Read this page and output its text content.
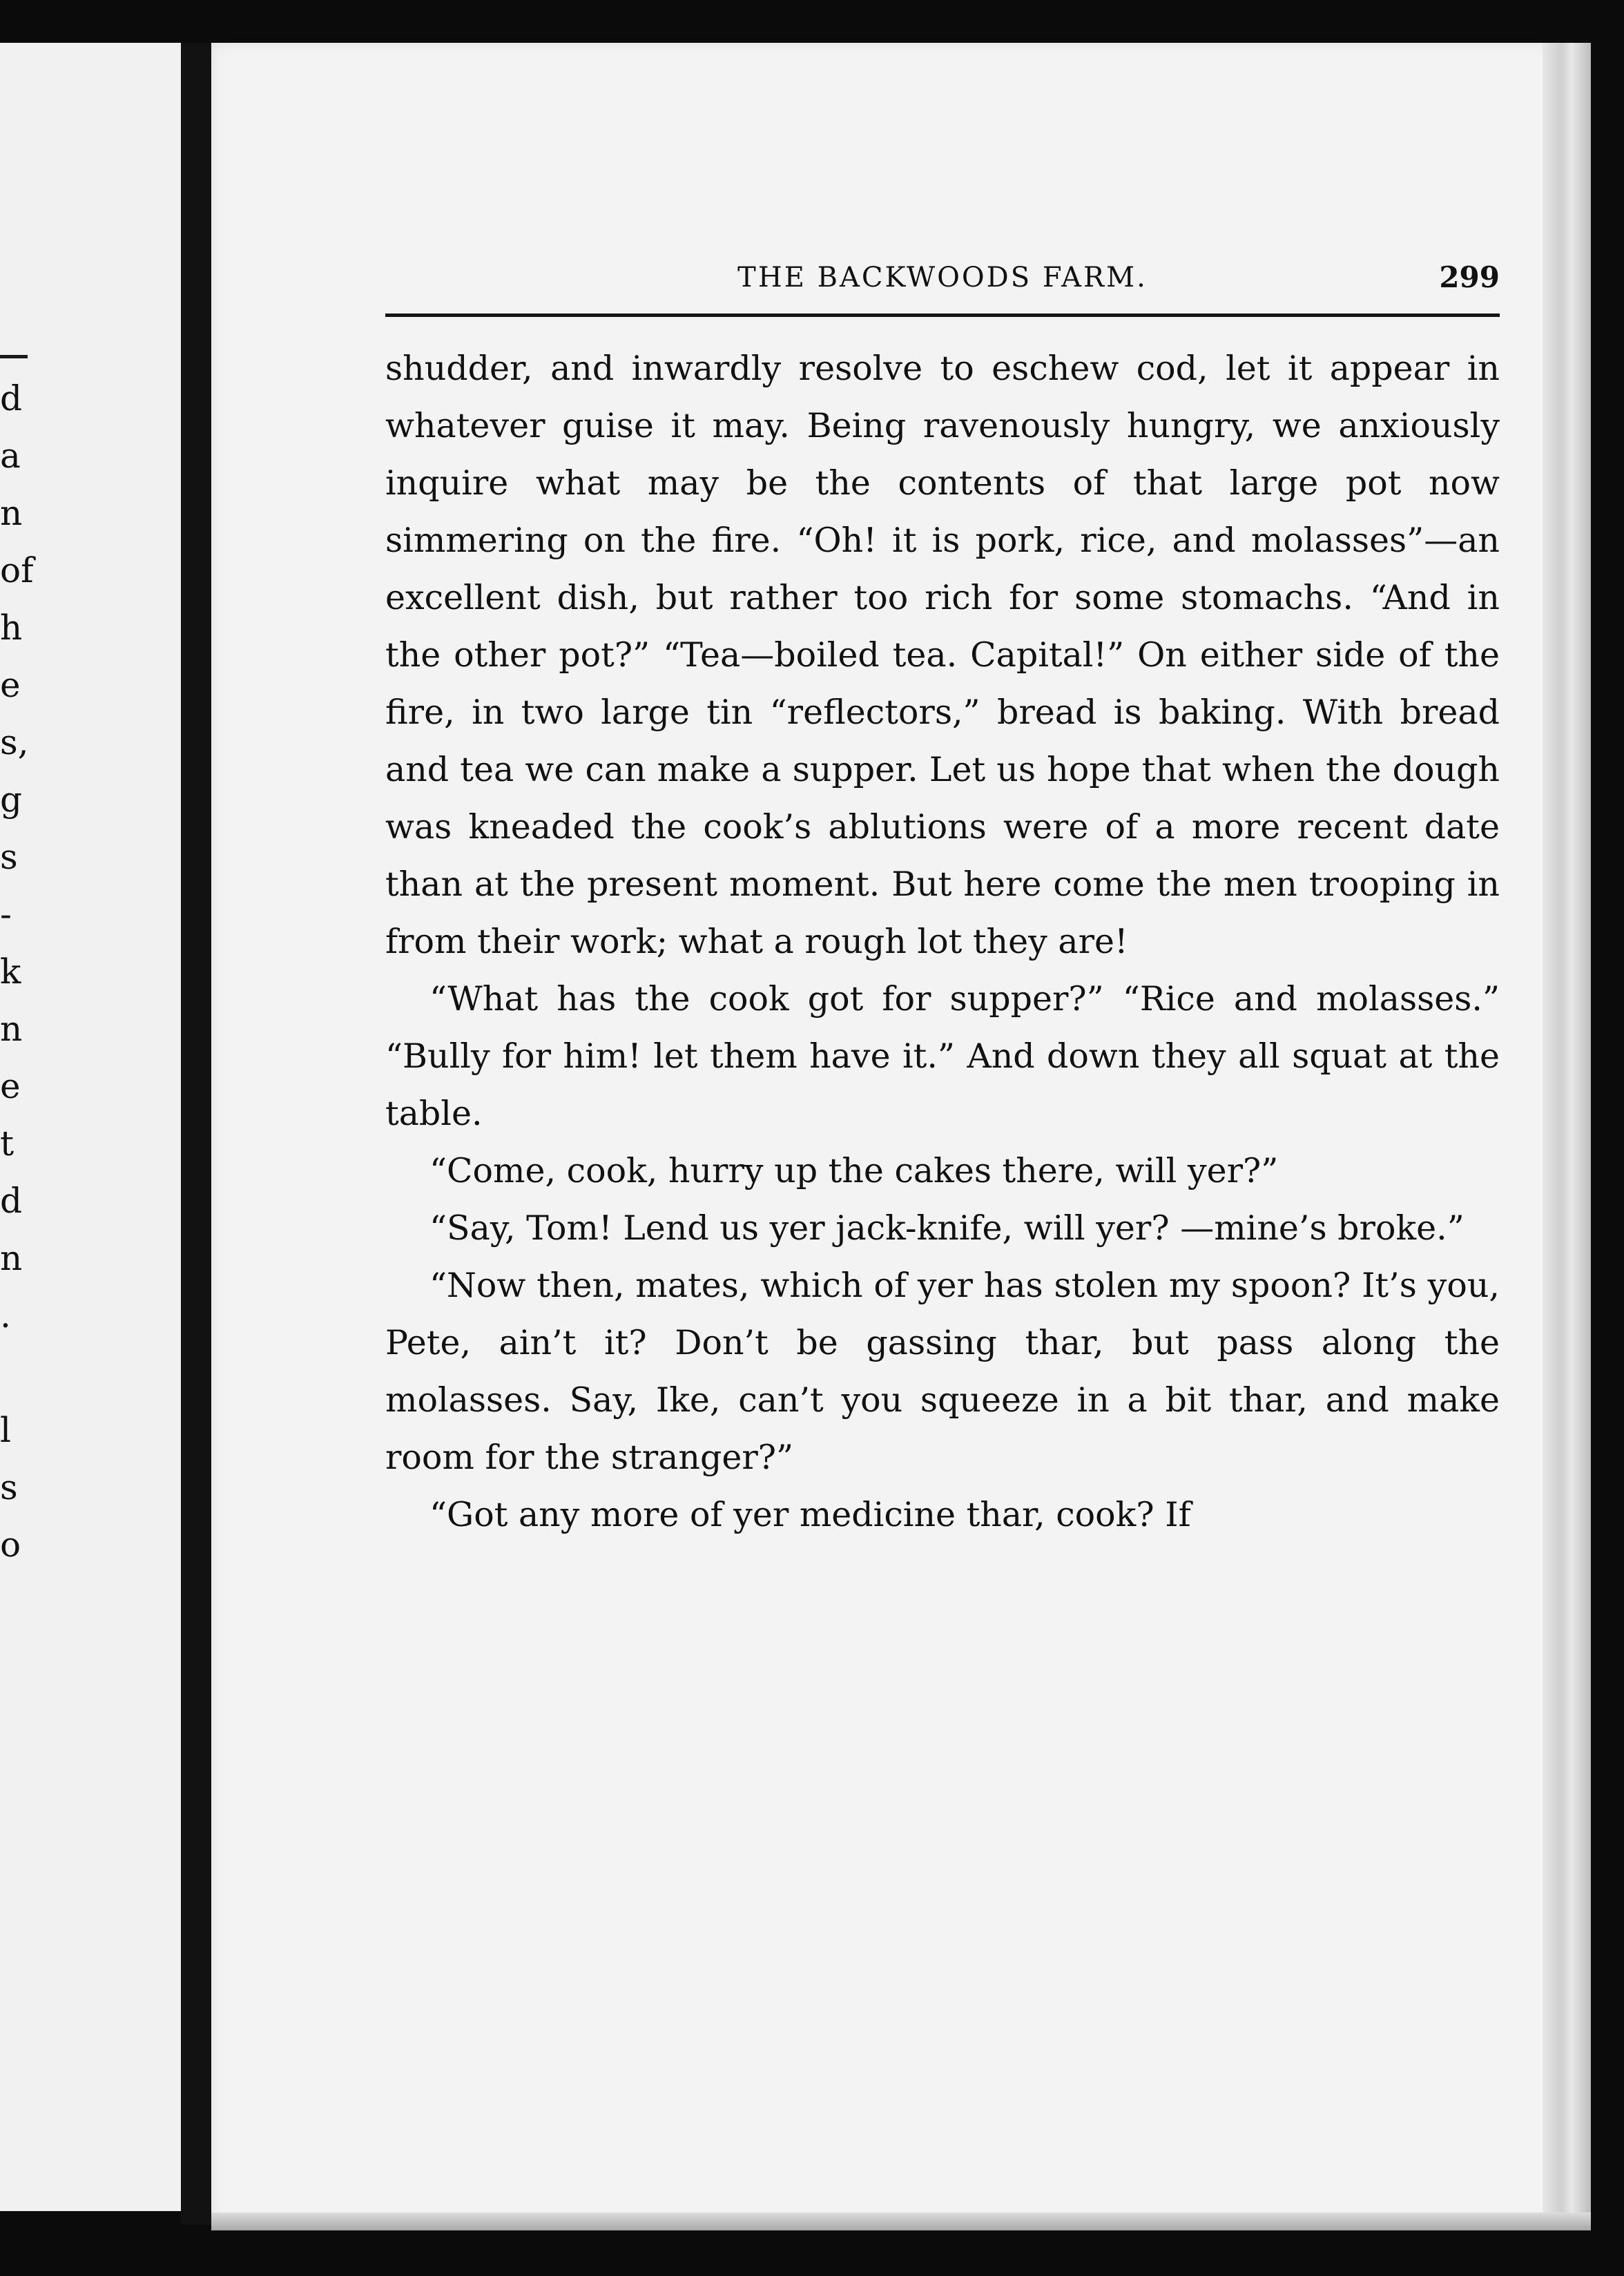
d
a
n
of
h
e
s,
g
s
-
k
n
e
t
d
n
.
l
s
o
THE BACKWOODS FARM.	299

shudder, and inwardly resolve to eschew cod, let it appear in whatever guise it may. Being ravenously hungry, we anxiously inquire what may be the contents of that large pot now simmering on the fire. “Oh! it is pork, rice, and molasses”—an excellent dish, but rather too rich for some stomachs. “And in the other pot?” “Tea—boiled tea. Capital!” On either side of the fire, in two large tin “reflectors,” bread is baking. With bread and tea we can make a supper. Let us hope that when the dough was kneaded the cook’s ablutions were of a more recent date than at the present moment. But here come the men trooping in from their work; what a rough lot they are!

“What has the cook got for supper?” “Rice and molasses.” “Bully for him! let them have it.” And down they all squat at the table.

“Come, cook, hurry up the cakes there, will yer?”

“Say, Tom! Lend us yer jack-knife, will yer? —mine’s broke.”

“Now then, mates, which of yer has stolen my spoon? It’s you, Pete, ain’t it? Don’t be gassing thar, but pass along the molasses. Say, Ike, can’t you squeeze in a bit thar, and make room for the stranger?”

“Got any more of yer medicine thar, cook? If
